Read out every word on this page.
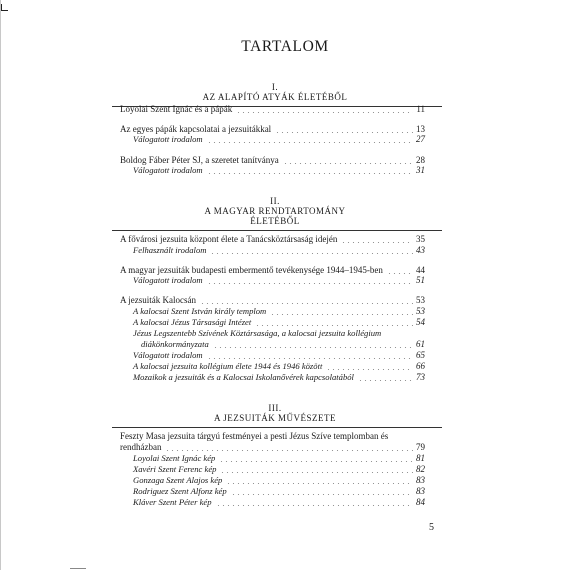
TARTALOM
I.
AZ ALAPÍTÓ ATYÁK ÉLETÉBŐL
Loyolai Szent Ignác és a pápák	11
Az egyes pápák kapcsolatai a jezsuitákkal	13
Válogatott irodalom	27
Boldog Fáber Péter SJ, a szeretet tanítványa	28
Válogatott irodalom	31
II.
A MAGYAR RENDTARTOMÁNY
ÉLETÉBŐL
A fővárosi jezsuita központ élete a Tanácsköztársaság idején	35
Felhasznált irodalom	43
A magyar jezsuiták budapesti embermentő tevékenysége 1944–1945-ben	44
Válogatott irodalom	51
A jezsuiták Kalocsán	53
A kalocsai Szent István király templom	53
A kalocsai Jézus Társasági Intézet	54
Jézus Legszentebb Szívének Köztársasága, a kalocsai jezsuita kollégium
diákönkormányzata	61
Válogatott irodalom	65
A kalocsai jezsuita kollégium élete 1944 és 1946 között	66
Mozaikok a jezsuiták és a Kalocsai Iskolanővérek kapcsolatából	73
III.
A JEZSUITÁK MŰVÉSZETE
Feszty Masa jezsuita tárgyú festményei a pesti Jézus Szíve templomban és
rendházban	79
Loyolai Szent Ignác kép	81
Xavéri Szent Ferenc kép	82
Gonzaga Szent Alajos kép	83
Rodriguez Szent Alfonz kép	83
Kláver Szent Péter kép	84
5
